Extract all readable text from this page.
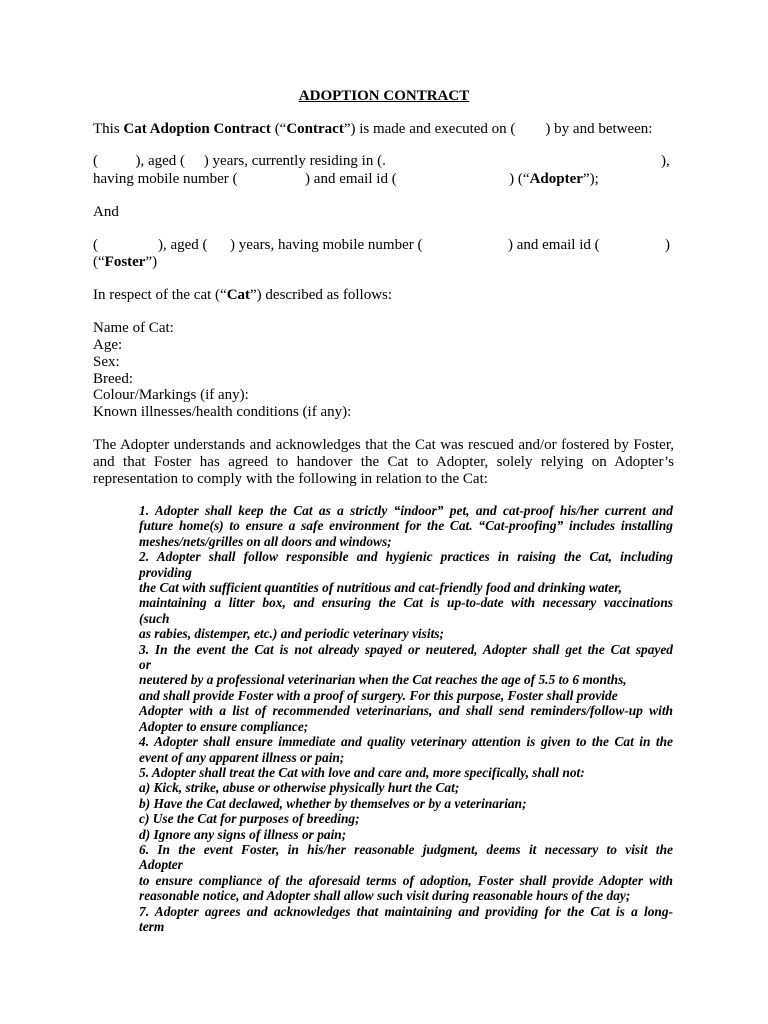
ADOPTION CONTRACT
This Cat Adoption Contract (“Contract”) is made and executed on (        ) by and between:
(          ), aged (     ) years, currently residing in (.	),
having mobile number (                  ) and email id (                              ) (“Adopter”);
And
(                ), aged (      ) years, having mobile number (	) and email id (	)
(“Foster”)
In respect of the cat (“Cat”) described as follows:
Name of Cat:
Age:
Sex:
Breed:
Colour/Markings (if any):
Known illnesses/health conditions (if any):
The Adopter understands and acknowledges that the Cat was rescued and/or fostered by Foster, and that Foster has agreed to handover the Cat to Adopter, solely relying on Adopter’s representation to comply with the following in relation to the Cat:
1. Adopter shall keep the Cat as a strictly “indoor” pet, and cat-proof his/her current and
future home(s) to ensure a safe environment for the Cat. “Cat-proofing” includes installing
meshes/nets/grilles on all doors and windows;
2. Adopter shall follow responsible and hygienic practices in raising the Cat, including
providing
the Cat with sufficient quantities of nutritious and cat-friendly food and drinking water,
maintaining a litter box, and ensuring the Cat is up-to-date with necessary vaccinations
(such
as rabies, distemper, etc.) and periodic veterinary visits;
3. In the event the Cat is not already spayed or neutered, Adopter shall get the Cat spayed
or
neutered by a professional veterinarian when the Cat reaches the age of 5.5 to 6 months,
and shall provide Foster with a proof of surgery. For this purpose, Foster shall provide
Adopter with a list of recommended veterinarians, and shall send reminders/follow-up with
Adopter to ensure compliance;
4. Adopter shall ensure immediate and quality veterinary attention is given to the Cat in the
event of any apparent illness or pain;
5. Adopter shall treat the Cat with love and care and, more specifically, shall not:
a) Kick, strike, abuse or otherwise physically hurt the Cat;
b) Have the Cat declawed, whether by themselves or by a veterinarian;
c) Use the Cat for purposes of breeding;
d) Ignore any signs of illness or pain;
6. In the event Foster, in his/her reasonable judgment, deems it necessary to visit the
Adopter
to ensure compliance of the aforesaid terms of adoption, Foster shall provide Adopter with
reasonable notice, and Adopter shall allow such visit during reasonable hours of the day;
7. Adopter agrees and acknowledges that maintaining and providing for the Cat is a long-
term
